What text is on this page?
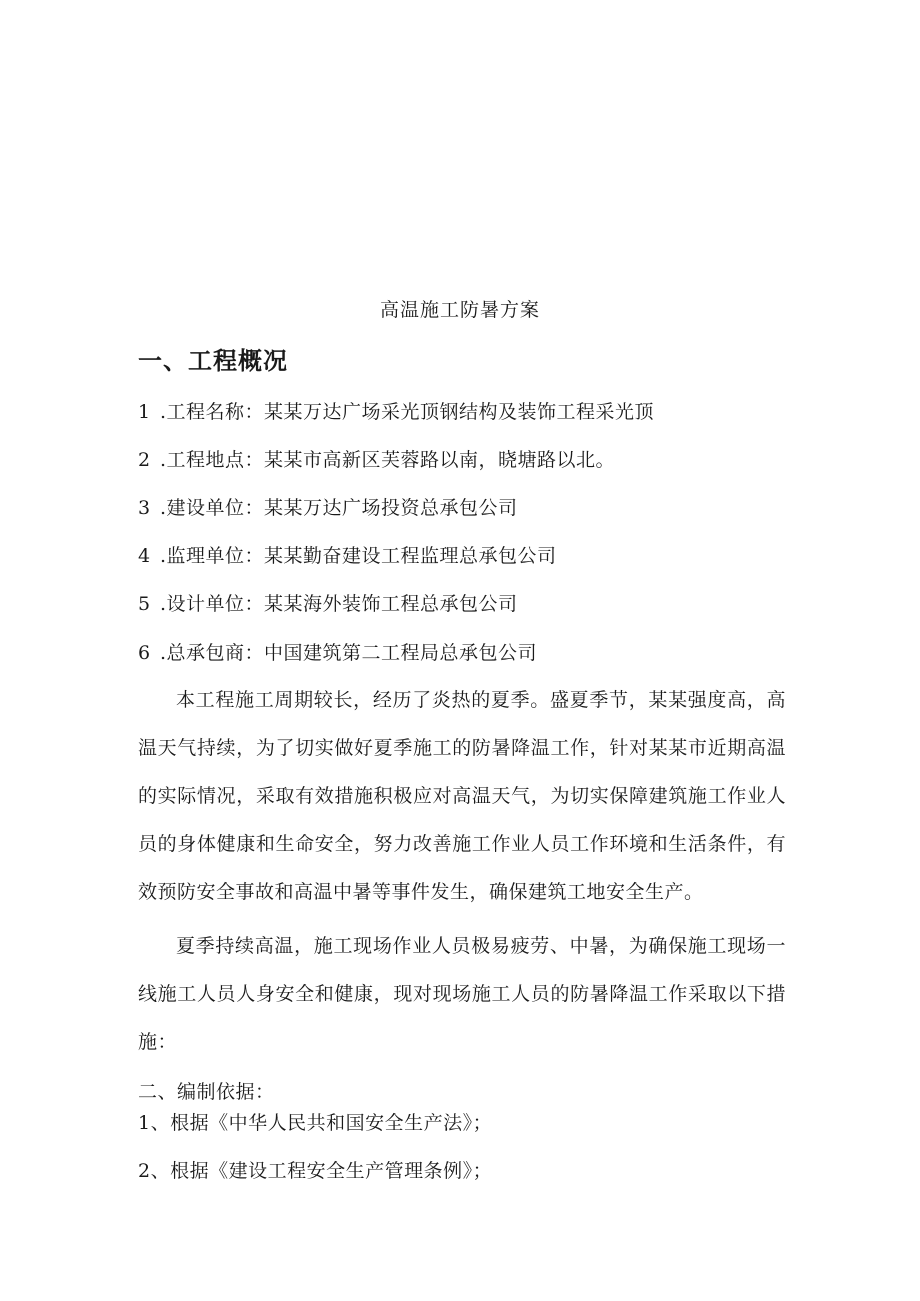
高温施工防暑方案
一、工程概况
1 .工程名称：某某万达广场采光顶钢结构及装饰工程采光顶
2 .工程地点：某某市高新区芙蓉路以南，晓塘路以北。
3 .建设单位：某某万达广场投资总承包公司
4 .监理单位：某某勤奋建设工程监理总承包公司
5 .设计单位：某某海外装饰工程总承包公司
6 .总承包商：中国建筑第二工程局总承包公司
本工程施工周期较长，经历了炎热的夏季。盛夏季节，某某强度高，高温天气持续，为了切实做好夏季施工的防暑降温工作，针对某某市近期高温的实际情况，采取有效措施积极应对高温天气，为切实保障建筑施工作业人员的身体健康和生命安全，努力改善施工作业人员工作环境和生活条件，有效预防安全事故和高温中暑等事件发生，确保建筑工地安全生产。
夏季持续高温，施工现场作业人员极易疲劳、中暑，为确保施工现场一线施工人员人身安全和健康，现对现场施工人员的防暑降温工作采取以下措施：
二、编制依据：
1、根据《中华人民共和国安全生产法》；
2、根据《建设工程安全生产管理条例》；
